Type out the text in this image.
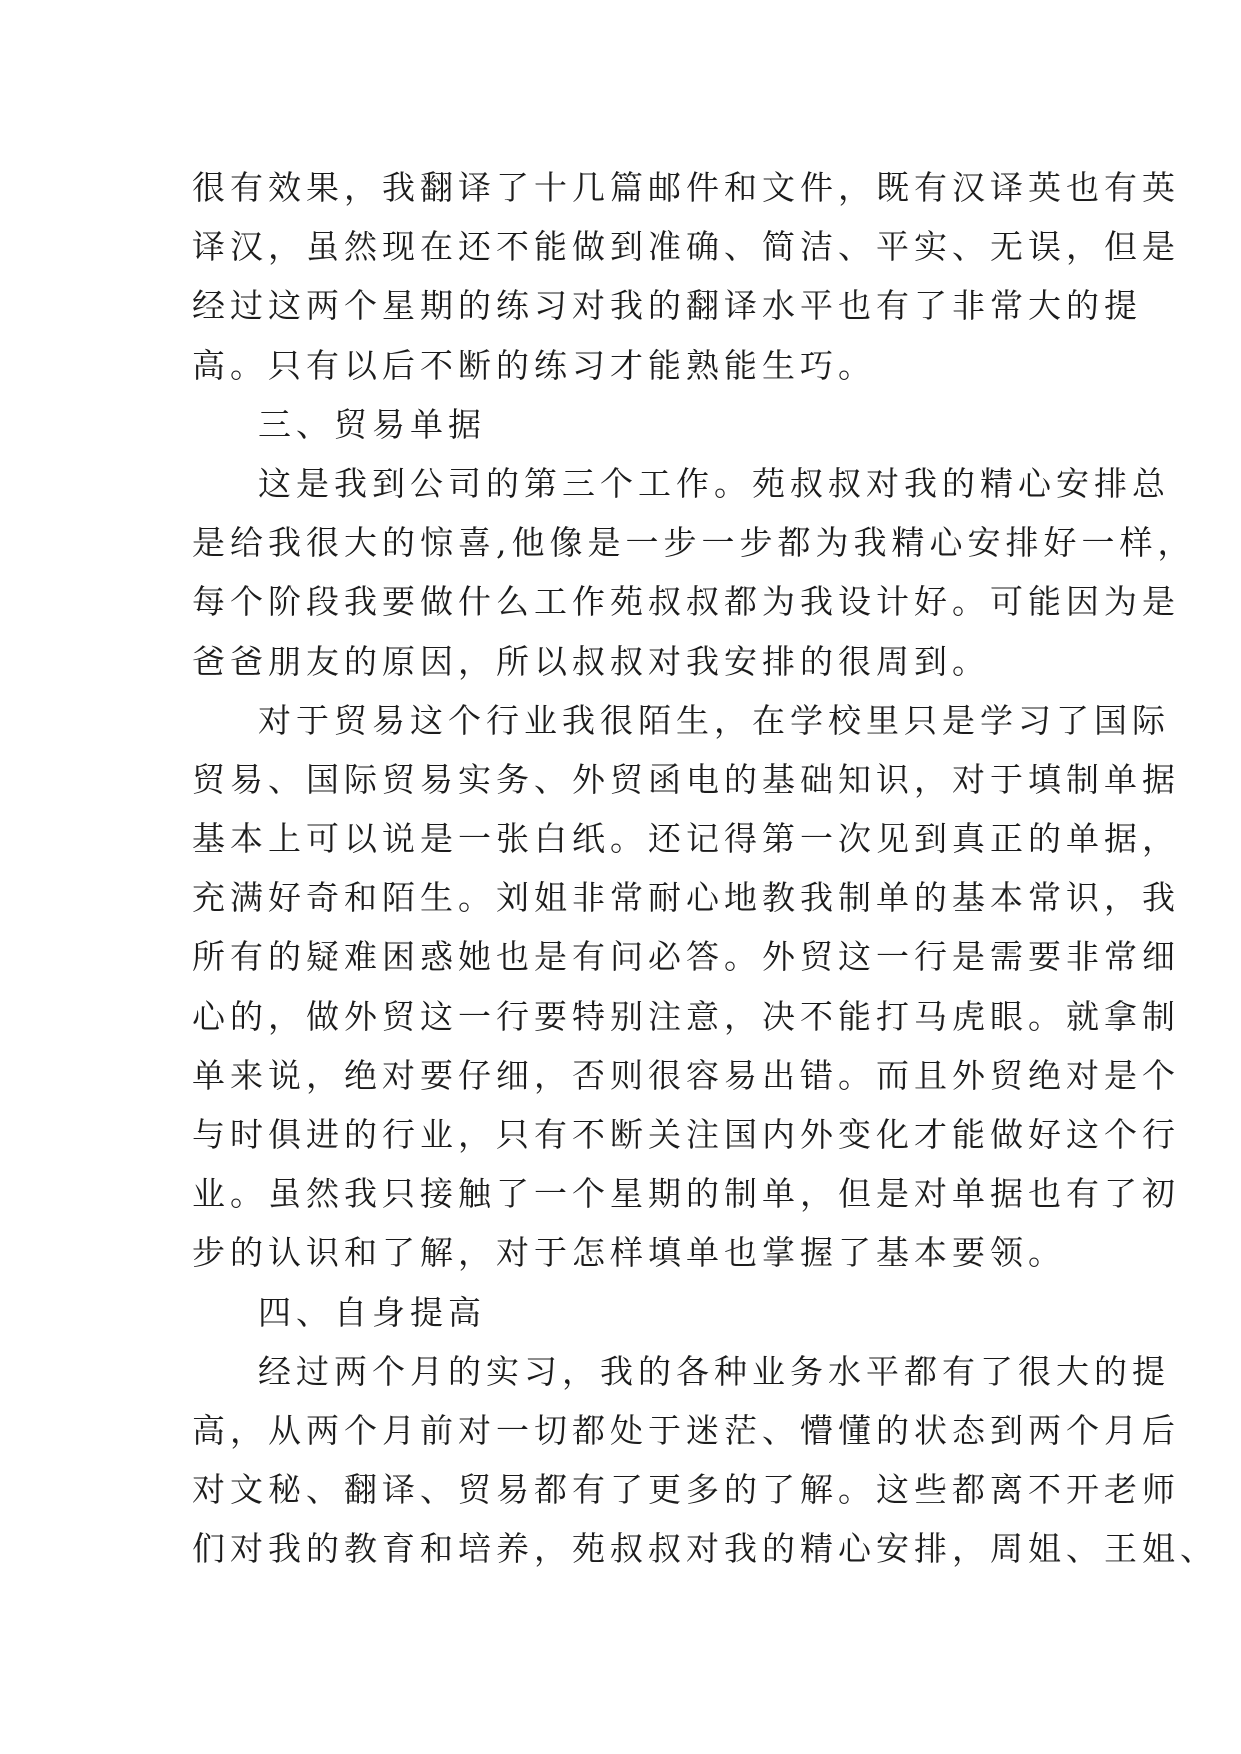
很有效果，我翻译了十几篇邮件和文件，既有汉译英也有英
译汉，虽然现在还不能做到准确、简洁、平实、无误，但是
经过这两个星期的练习对我的翻译水平也有了非常大的提
高。只有以后不断的练习才能熟能生巧。
三、贸易单据
这是我到公司的第三个工作。苑叔叔对我的精心安排总
是给我很大的惊喜,他像是一步一步都为我精心安排好一样，
每个阶段我要做什么工作苑叔叔都为我设计好。可能因为是
爸爸朋友的原因，所以叔叔对我安排的很周到。
对于贸易这个行业我很陌生，在学校里只是学习了国际
贸易、国际贸易实务、外贸函电的基础知识，对于填制单据
基本上可以说是一张白纸。还记得第一次见到真正的单据，
充满好奇和陌生。刘姐非常耐心地教我制单的基本常识，我
所有的疑难困惑她也是有问必答。外贸这一行是需要非常细
心的，做外贸这一行要特别注意，决不能打马虎眼。就拿制
单来说，绝对要仔细，否则很容易出错。而且外贸绝对是个
与时俱进的行业，只有不断关注国内外变化才能做好这个行
业。虽然我只接触了一个星期的制单，但是对单据也有了初
步的认识和了解，对于怎样填单也掌握了基本要领。
四、自身提高
经过两个月的实习，我的各种业务水平都有了很大的提
高，从两个月前对一切都处于迷茫、懵懂的状态到两个月后
对文秘、翻译、贸易都有了更多的了解。这些都离不开老师
们对我的教育和培养，苑叔叔对我的精心安排，周姐、王姐、
